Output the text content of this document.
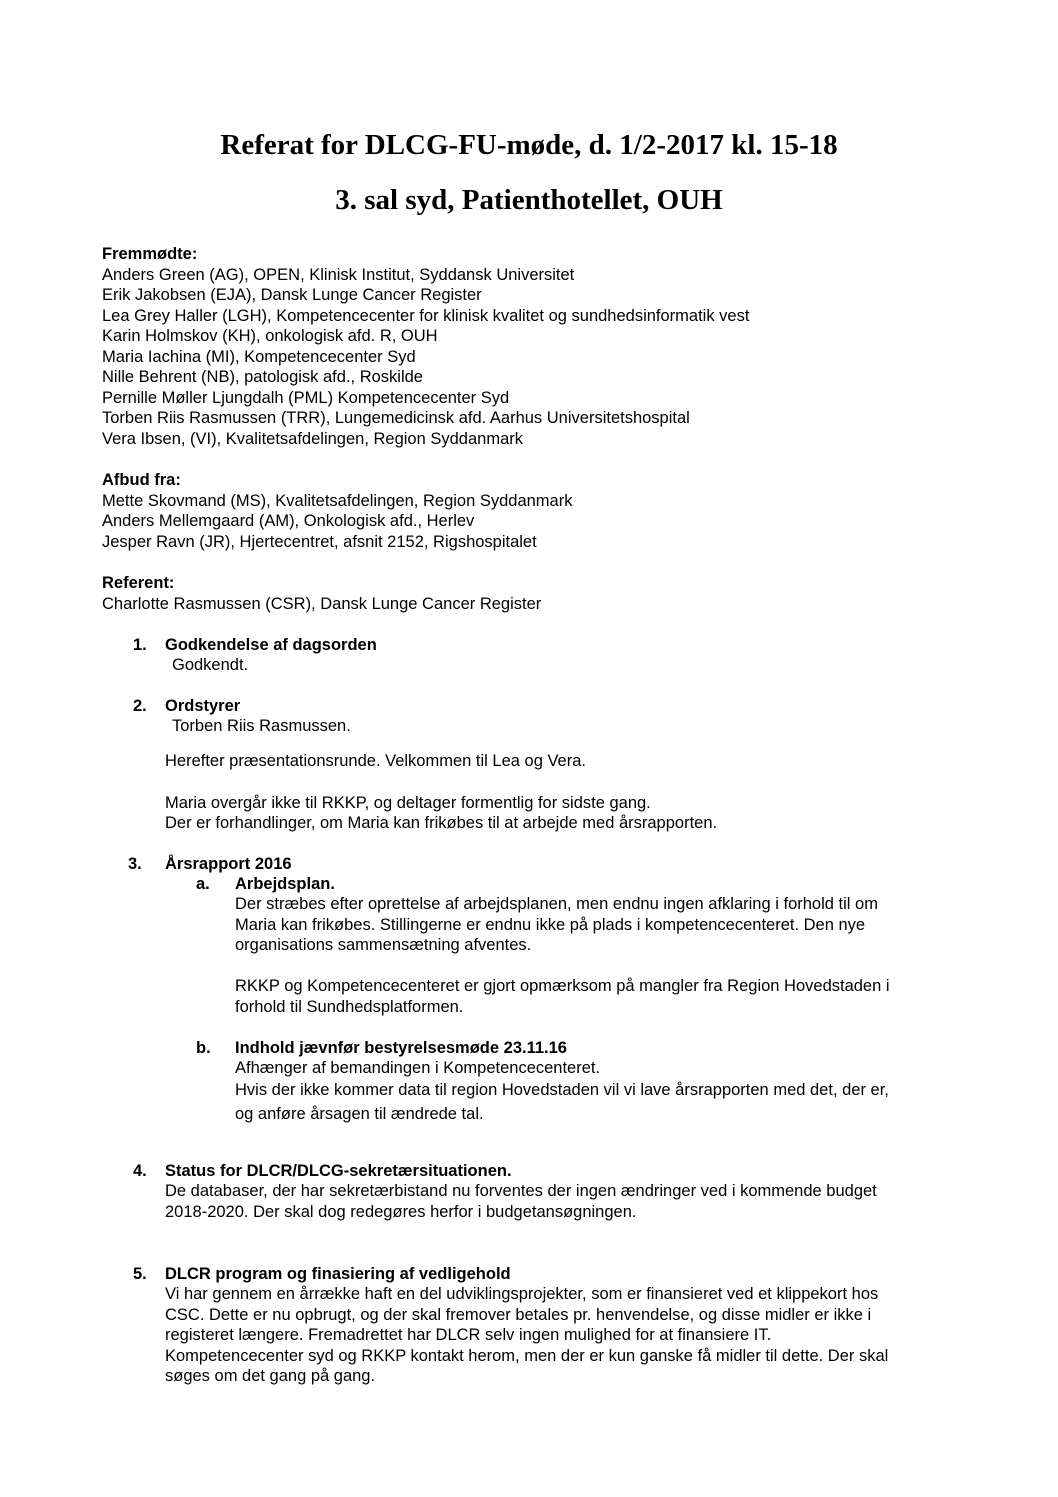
Referat for DLCG-FU-møde, d. 1/2-2017 kl. 15-18
3. sal syd, Patienthotellet, OUH
Fremmødte:
Anders Green (AG), OPEN, Klinisk Institut, Syddansk Universitet
Erik Jakobsen (EJA), Dansk Lunge Cancer Register
Lea Grey Haller (LGH), Kompetencecenter for klinisk kvalitet og sundhedsinformatik vest
Karin Holmskov (KH), onkologisk afd. R, OUH
Maria Iachina (MI), Kompetencecenter Syd
Nille Behrent (NB), patologisk afd., Roskilde
Pernille Møller Ljungdalh (PML) Kompetencecenter Syd
Torben Riis Rasmussen (TRR), Lungemedicinsk afd. Aarhus Universitetshospital
Vera Ibsen, (VI), Kvalitetsafdelingen, Region Syddanmark
Afbud fra:
Mette Skovmand (MS), Kvalitetsafdelingen, Region Syddanmark
Anders Mellemgaard (AM), Onkologisk afd., Herlev
Jesper Ravn (JR), Hjertecentret, afsnit 2152, Rigshospitalet
Referent:
Charlotte Rasmussen (CSR), Dansk Lunge Cancer Register
1. Godkendelse af dagsorden
Godkendt.
2. Ordstyrer
Torben Riis Rasmussen.
Herefter præsentationsrunde. Velkommen til Lea og Vera.
Maria overgår ikke til RKKP, og deltager formentlig for sidste gang.
Der er forhandlinger, om Maria kan frikøbes til at arbejde med årsrapporten.
3. Årsrapport 2016
a. Arbejdsplan.
Der stræbes efter oprettelse af arbejdsplanen, men endnu ingen afklaring i forhold til om
Maria kan frikøbes. Stillingerne er endnu ikke på plads i kompetencecenteret. Den nye
organisations sammensætning afventes.
RKKP og Kompetencecenteret er gjort opmærksom på mangler fra Region Hovedstaden i
forhold til Sundhedsplatformen.
b. Indhold jævnfør bestyrelsesmøde 23.11.16
Afhænger af bemandingen i Kompetencecenteret.
Hvis der ikke kommer data til region Hovedstaden vil vi lave årsrapporten med det, der er,
og anføre årsagen til ændrede tal.
4. Status for DLCR/DLCG-sekretærsituationen.
De databaser, der har sekretærbistand nu forventes der ingen ændringer ved i kommende budget
2018-2020. Der skal dog redegøres herfor i budgetansøgningen.
5. DLCR program og finasiering af vedligehold
Vi har gennem en årrække haft en del udviklingsprojekter, som er finansieret ved et klippekort hos
CSC. Dette er nu opbrugt, og der skal fremover betales pr. henvendelse, og disse midler er ikke i
registeret længere. Fremadrettet har DLCR selv ingen mulighed for at finansiere IT.
Kompetencecenter syd og RKKP kontakt herom, men der er kun ganske få midler til dette. Der skal
søges om det gang på gang.
